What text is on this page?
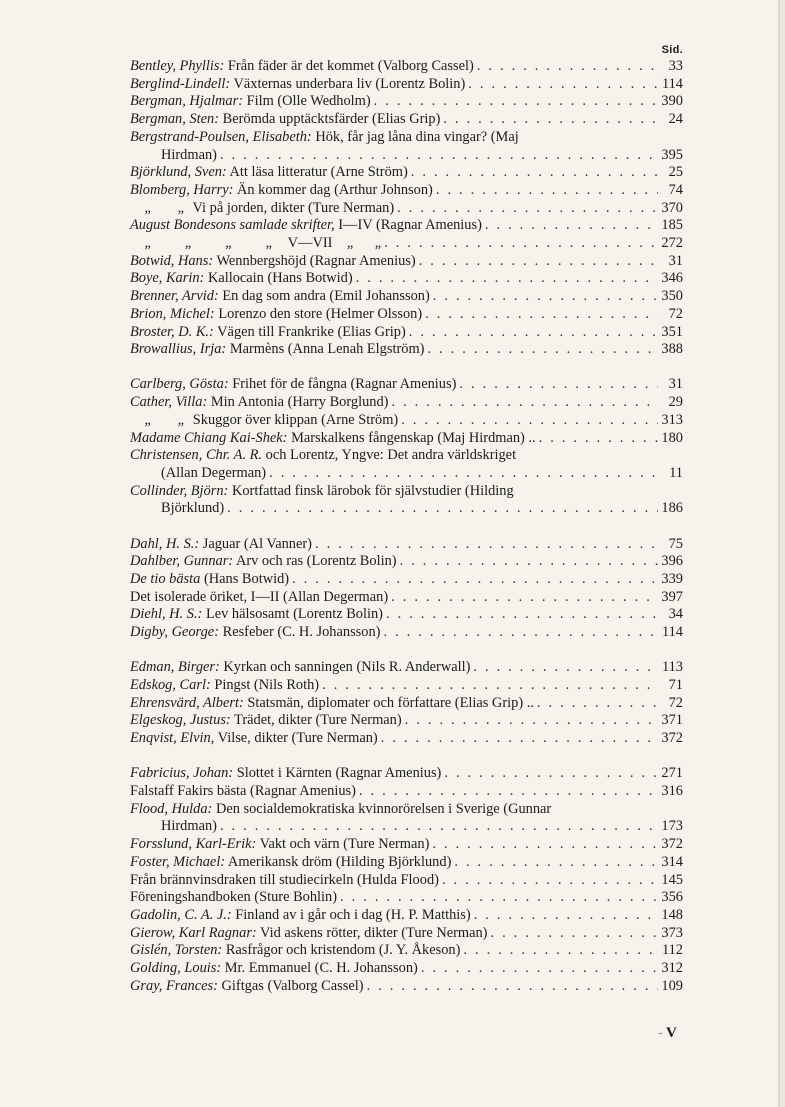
Sid.
Bentley, Phyllis: Från fäder är det kommet (Valborg Cassel) . . .	33
Berglind-Lindell: Växternas underbara liv (Lorentz Bolin) . . .	114
Bergman, Hjalmar: Film (Olle Wedholm) . . .	390
Bergman, Sten: Berömda upptäcktsfärder (Elias Grip) . . .	24
Bergstrand-Poulsen, Elisabeth: Hök, får jag låna dina vingar? (Maj
Hirdman) . . .	395
Björklund, Sven: Att läsa litteratur (Arne Ström) . . .	25
Blomberg, Harry: Än kommer dag (Arthur Johnson) . . .	74
„       „  Vi på jorden, dikter (Ture Nerman) . . .	370
August Bondesons samlade skrifter, I—IV (Ragnar Amenius) . . .	185
„         „         „         „    V—VII    „      „ . . .	272
Botwid, Hans: Wennbergshöjd (Ragnar Amenius) . . .	31
Boye, Karin: Kallocain (Hans Botwid) . . .	346
Brenner, Arvid: En dag som andra (Emil Johansson) . . .	350
Brion, Michel: Lorenzo den store (Helmer Olsson) . . .	72
Broster, D. K.: Vägen till Frankrike (Elias Grip) . . .	351
Browallius, Irja: Marmèns (Anna Lenah Elgström) . . .	388
Carlberg, Gösta: Frihet för de fångna (Ragnar Amenius) . . .	31
Cather, Villa: Min Antonia (Harry Borglund) . . .	29
„       „  Skuggor över klippan (Arne Ström) . . .	313
Madame Chiang Kai-Shek: Marskalkens fångenskap (Maj Hirdman) .. . . .	180
Christensen, Chr. A. R. och Lorentz, Yngve: Det andra världskriget
(Allan Degerman) . . .	11
Collinder, Björn: Kortfattad finsk lärobok för självstudier (Hilding
Björklund) . . .	186
Dahl, H. S.: Jaguar (Al Vanner) . . .	75
Dahlber, Gunnar: Arv och ras (Lorentz Bolin) . . .	396
De tio bästa (Hans Botwid) . . .	339
Det isolerade öriket, I—II (Allan Degerman) . . .	397
Diehl, H. S.: Lev hälsosamt (Lorentz Bolin) . . .	34
Digby, George: Resfeber (C. H. Johansson) . . .	114
Edman, Birger: Kyrkan och sanningen (Nils R. Anderwall) . . .	113
Edskog, Carl: Pingst (Nils Roth) . . .	71
Ehrensvärd, Albert: Statsmän, diplomater och författare (Elias Grip) .. . . .	72
Elgeskog, Justus: Trädet, dikter (Ture Nerman) . . .	371
Enqvist, Elvin, Vilse, dikter (Ture Nerman) . . .	372
Fabricius, Johan: Slottet i Kärnten (Ragnar Amenius) . . .	271
Falstaff Fakirs bästa (Ragnar Amenius) . . .	316
Flood, Hulda: Den socialdemokratiska kvinnorörelsen i Sverige (Gunnar
Hirdman) . . .	173
Forsslund, Karl-Erik: Vakt och värn (Ture Nerman) . . .	372
Foster, Michael: Amerikansk dröm (Hilding Björklund) . . .	314
Från brännvinsdraken till studiecirkeln (Hulda Flood) . . .	145
Föreningshandboken (Sture Bohlin) . . .	356
Gadolin, C. A. J.: Finland av i går och i dag (H. P. Matthis) . . .	148
Gierow, Karl Ragnar: Vid askens rötter, dikter (Ture Nerman) . . .	373
Gislén, Torsten: Rasfrågor och kristendom (J. Y. Åkeson) . . .	112
Golding, Louis: Mr. Emmanuel (C. H. Johansson) . . .	312
Gray, Frances: Giftgas (Valborg Cassel) . . .	109
- V
